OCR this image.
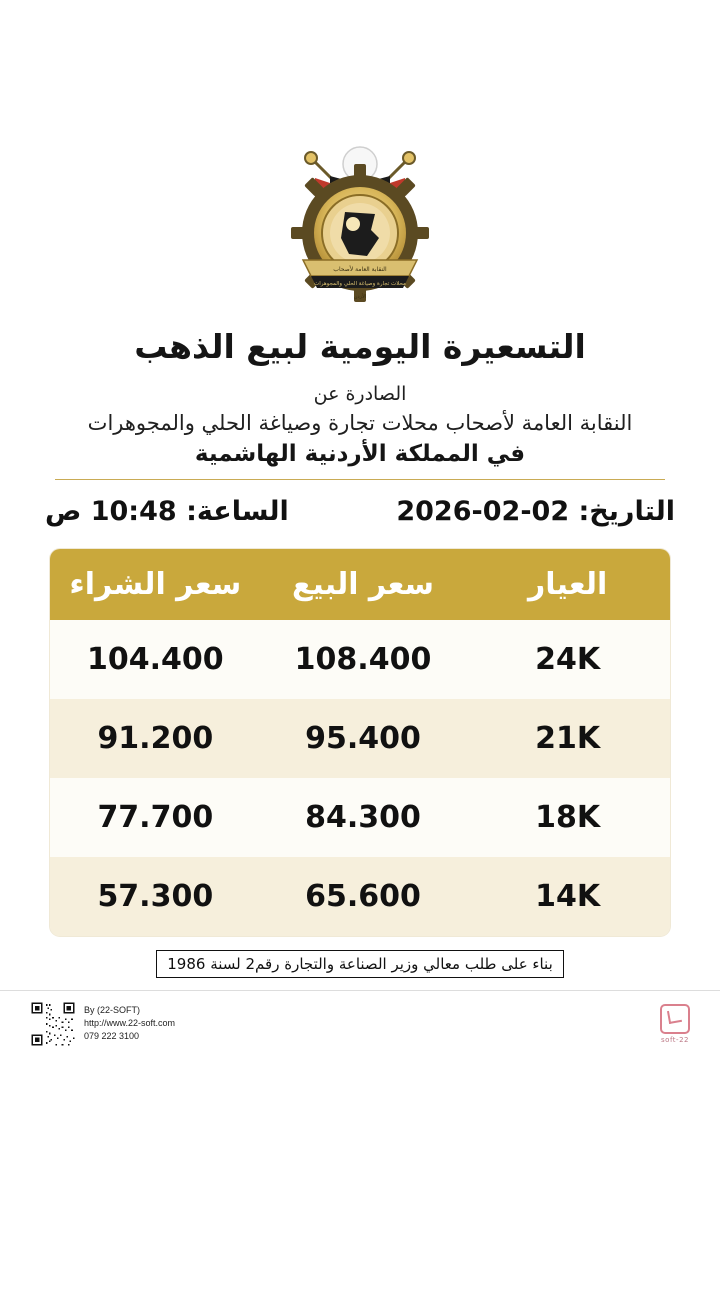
النقابة العامة لأصحاب
محلات تجارة وصياغة الحلي والمجوهرات
الأردن
التسعيرة اليومية لبيع الذهب
الصادرة عن
النقابة العامة لأصحاب محلات تجارة وصياغة الحلي والمجوهرات
في المملكة الأردنية الهاشمية
التاريخ: 02-02-2026
الساعة: 10:48 ص
العيار
سعر البيع
سعر الشراء
24K
108.400
104.400
21K
95.400
91.200
18K
84.300
77.700
14K
65.600
57.300
بناء على طلب معالي وزير الصناعة والتجارة رقم2 لسنة 1986
By (22-SOFT)
http://www.22-soft.com
079 222 3100	22-soft
